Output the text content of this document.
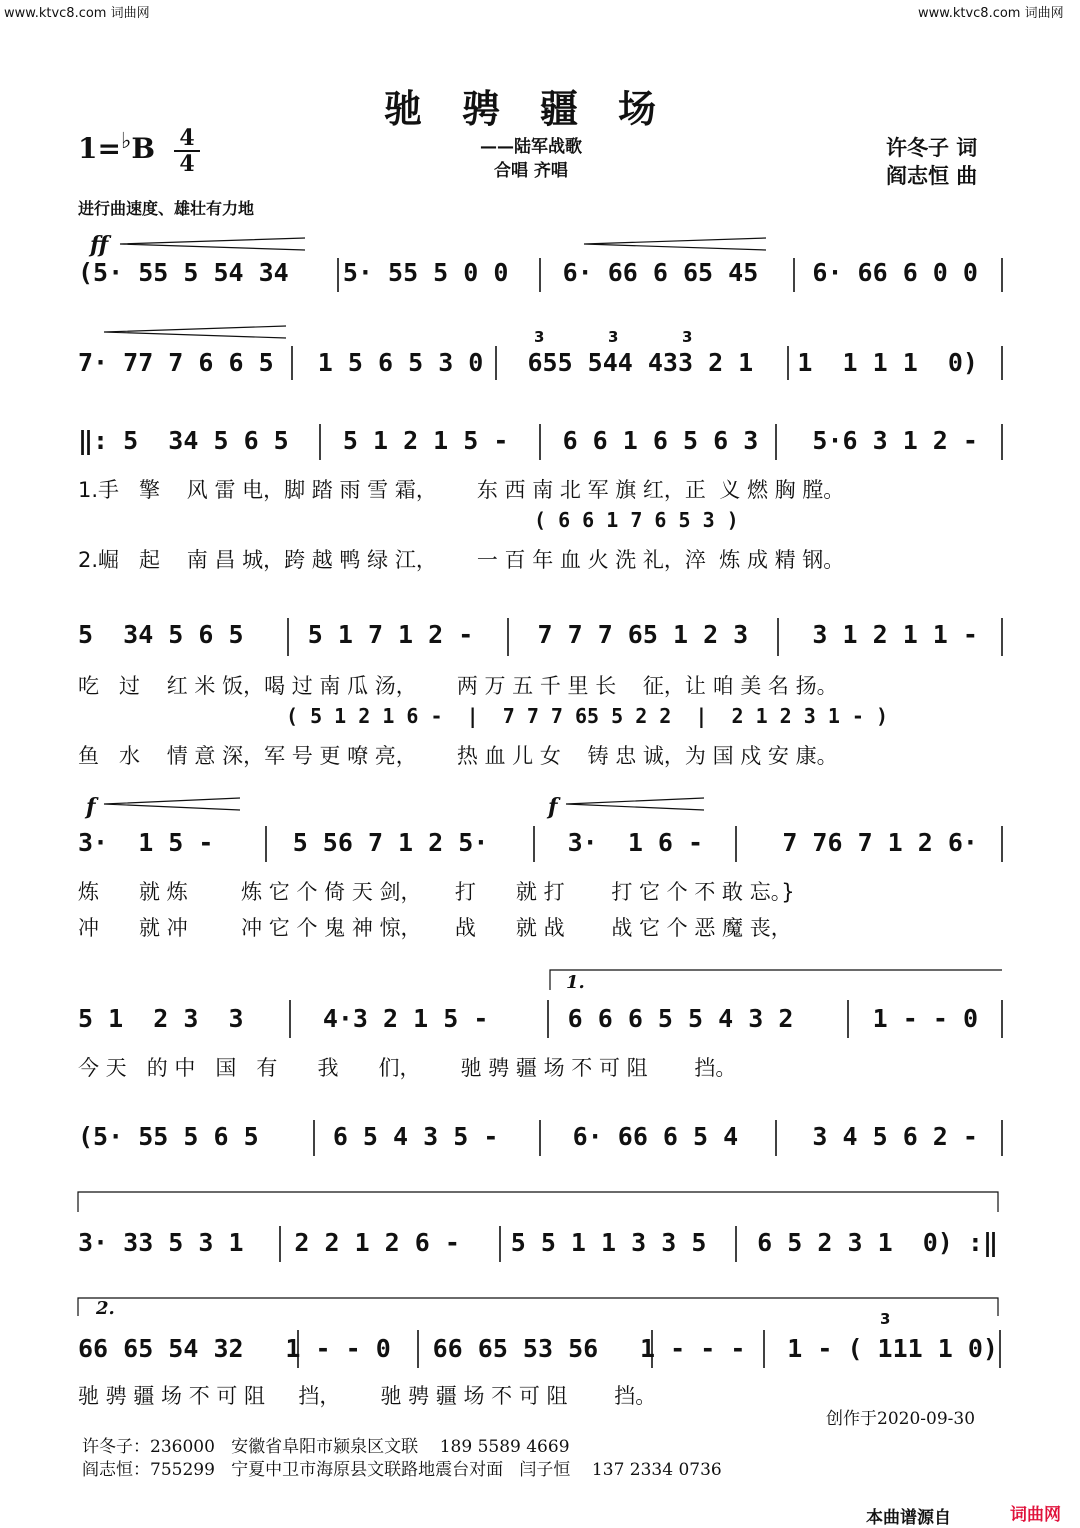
www.ktvc8.com 词曲网	www.ktvc8.com 词曲网
驰骋疆场
1=♭B	4
4
——陆军战歌
合唱 齐唱
许冬子 词
阎志恒 曲
进行曲速度、雄壮有力地
ff
f	f
1.
2.
3	3	3
3
(5· 55 5 54 34 5· 55 5 0 0 6· 66 6 65 45 6· 66 6 0 0
7· 77 7 6 6 5 1 5 6 5 3 0 655 544 433 2 1 1  1 1 1  0)
‖: 5  34 5 6 5 5 1 2 1 5 - 6 6 1 6 5 6 3 5·6 3 1 2 -
1.手   擎    风 雷 电，脚 踏 雨 雪 霜，      东 西 南 北 军 旗 红，正  义 燃 胸 膛。
( 6 6 1 7 6 5 3 )
2.崛   起    南 昌 城，跨 越 鸭 绿 江，      一 百 年 血 火 洗 礼，淬  炼 成 精 钢。
5  34 5 6 5	5 1 7 1 2 -	7 7 7 65 1 2 3	3 1 2 1 1 -
吃   过    红 米 饭，喝 过 南 瓜 汤，      两 万 五 千 里 长    征，让 咱 美 名 扬。
( 5 1 2 1 6 -  |  7 7 7 65 5 2 2  |  2 1 2 3 1 - )
鱼   水    情 意 深，军 号 更 嘹 亮，      热 血 儿 女    铸 忠 诚，为 国 戍 安 康。
3·  1 5 -	5 56 7 1 2 5·	3·  1 6 -	7 76 7 1 2 6·
炼      就 炼        炼 它 个 倚 天 剑，     打      就 打       打 它 个 不 敢 忘。}
冲      就 冲        冲 它 个 鬼 神 惊，     战      就 战       战 它 个 恶 魔 丧，
5 1  2 3  3	4·3 2 1 5 -	6 6 6 5 5 4 3 2	1 - - 0
今 天   的 中   国   有      我      们，      驰 骋 疆 场 不 可 阻       挡。
(5· 55 5 6 5	6 5 4 3 5 -	6· 66 6 5 4	3 4 5 6 2 -
3· 33 5 3 1 2 2 1 2 6 - 5 5 1 1 3 3 5 6 5 2 3 1  0) :‖
66 65 54 32 1 - - 0 66 65 53 56 1 - - - 1 - ( 111 1 0)
驰 骋 疆 场 不 可 阻     挡，      驰 骋 疆 场 不 可 阻       挡。
创作于2020-09-30
许冬子：236000   安徽省阜阳市颍泉区文联    189 5589 4669
阎志恒：755299   宁夏中卫市海原县文联路地震台对面   闫子恒    137 2334 0736
本曲谱源自	词曲网
